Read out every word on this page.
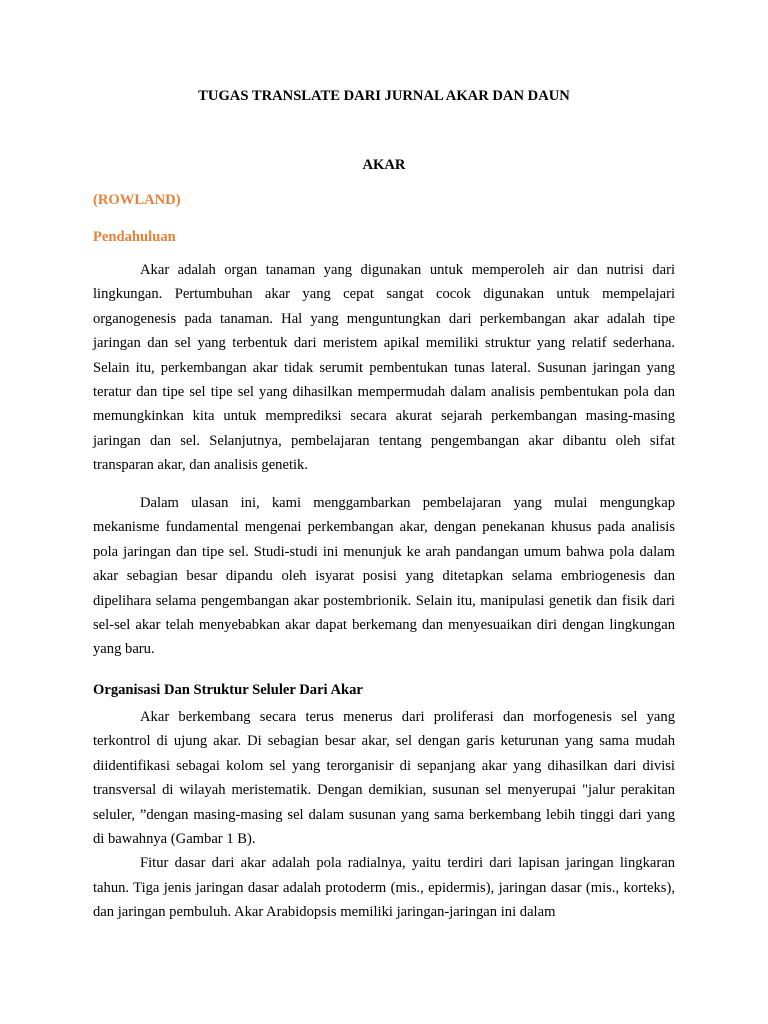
TUGAS TRANSLATE DARI JURNAL AKAR DAN DAUN
AKAR
(ROWLAND)
Pendahuluan

Akar adalah organ tanaman yang digunakan untuk memperoleh air dan nutrisi dari lingkungan. Pertumbuhan akar yang cepat sangat cocok digunakan untuk mempelajari organogenesis pada tanaman. Hal yang menguntungkan dari perkembangan akar adalah tipe jaringan dan sel yang terbentuk dari meristem apikal memiliki struktur yang relatif sederhana. Selain itu, perkembangan akar tidak serumit pembentukan tunas lateral. Susunan jaringan yang teratur dan tipe sel tipe sel yang dihasilkan mempermudah dalam analisis pembentukan pola dan memungkinkan kita untuk memprediksi secara akurat sejarah perkembangan masing-masing jaringan dan sel. Selanjutnya, pembelajaran tentang pengembangan akar dibantu oleh sifat transparan akar, dan analisis genetik.

Dalam ulasan ini, kami menggambarkan pembelajaran yang mulai mengungkap mekanisme fundamental mengenai perkembangan akar, dengan penekanan khusus pada analisis pola jaringan dan tipe sel. Studi-studi ini menunjuk ke arah pandangan umum bahwa pola dalam akar sebagian besar dipandu oleh isyarat posisi yang ditetapkan selama embriogenesis dan dipelihara selama pengembangan akar postembrionik. Selain itu, manipulasi genetik dan fisik dari sel-sel akar telah menyebabkan akar dapat berkemang dan menyesuaikan diri dengan lingkungan yang baru.

Organisasi Dan Struktur Seluler Dari Akar

Akar berkembang secara terus menerus dari proliferasi dan morfogenesis sel yang terkontrol di ujung akar. Di sebagian besar akar, sel dengan garis keturunan yang sama mudah diidentifikasi sebagai kolom sel yang terorganisir di sepanjang akar yang dihasilkan dari divisi transversal di wilayah meristematik. Dengan demikian, susunan sel menyerupai "jalur perakitan seluler, ”dengan masing-masing sel dalam susunan yang sama berkembang lebih tinggi dari yang di bawahnya (Gambar 1 B).

Fitur dasar dari akar adalah pola radialnya, yaitu terdiri dari lapisan jaringan lingkaran tahun. Tiga jenis jaringan dasar adalah protoderm (mis., epidermis), jaringan dasar (mis., korteks), dan jaringan pembuluh. Akar Arabidopsis memiliki jaringan-jaringan ini dalam
